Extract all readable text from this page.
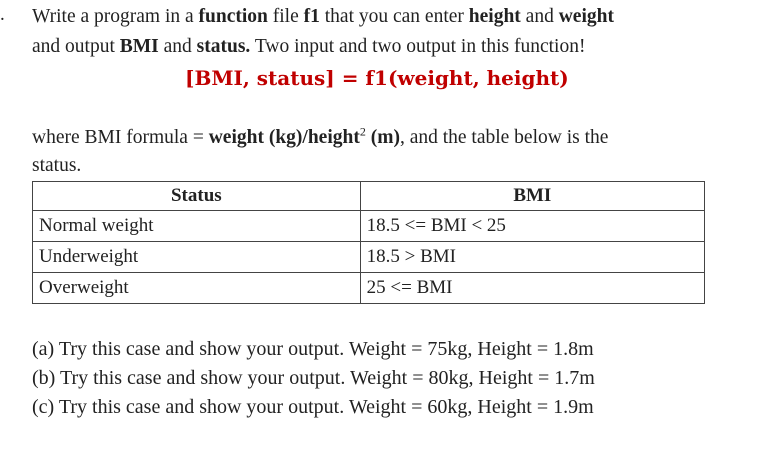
. Write a program in a function file f1 that you can enter height and weight
and output BMI and status. Two input and two output in this function!
[BMI, status] = f1(weight, height)
where BMI formula = weight (kg)/height$^2$ (m), and the table below is the
status.
Status	BMI
Normal weight	18.5 <= BMI < 25
Underweight	18.5 > BMI
Overweight	25 <= BMI
(a) Try this case and show your output. Weight = 75kg, Height = 1.8m
(b) Try this case and show your output. Weight = 80kg, Height = 1.7m
(c) Try this case and show your output. Weight = 60kg, Height = 1.9m
